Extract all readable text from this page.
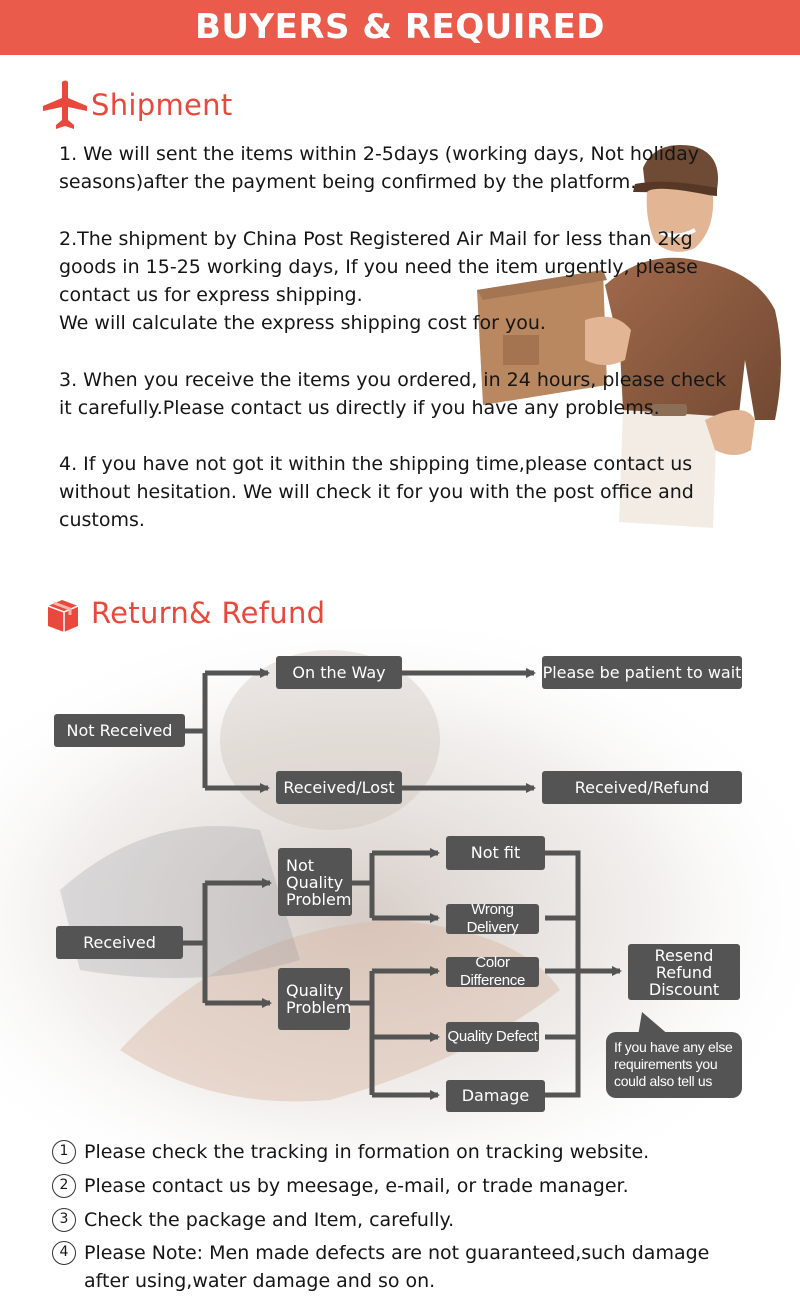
BUYERS & REQUIRED
Shipment
1. We will sent the items within 2-5days (working days, Not holiday
seasons)after the payment being confirmed by the platform.
2.The shipment by China Post Registered Air Mail for less than 2kg
goods in 15-25 working days, If you need the item urgently, please
contact us for express shipping.
We will calculate the express shipping cost for you.
3. When you receive the items you ordered, in 24 hours, please check
it carefully.Please contact us directly if you have any problems.
4. If you have not got it within the shipping time,please contact us
without hesitation. We will check it for you with the post office and
customs.
Return& Refund
Not Received
On the Way	Please be patient to wait
Received/Lost	Received/Refund
Received
Not
Quality
Problem
Quality
Problem
Not fit
Wrong Delivery
Color Difference
Quality Defect
Damage
Resend
Refund
Discount
If you have any else
requirements you
could also tell us
1 Please check the tracking in formation on tracking website.
2 Please contact us by meesage, e-mail, or trade manager.
3 Check the package and Item, carefully.
4 Please Note: Men made defects are not guaranteed,such damage
after using,water damage and so on.
